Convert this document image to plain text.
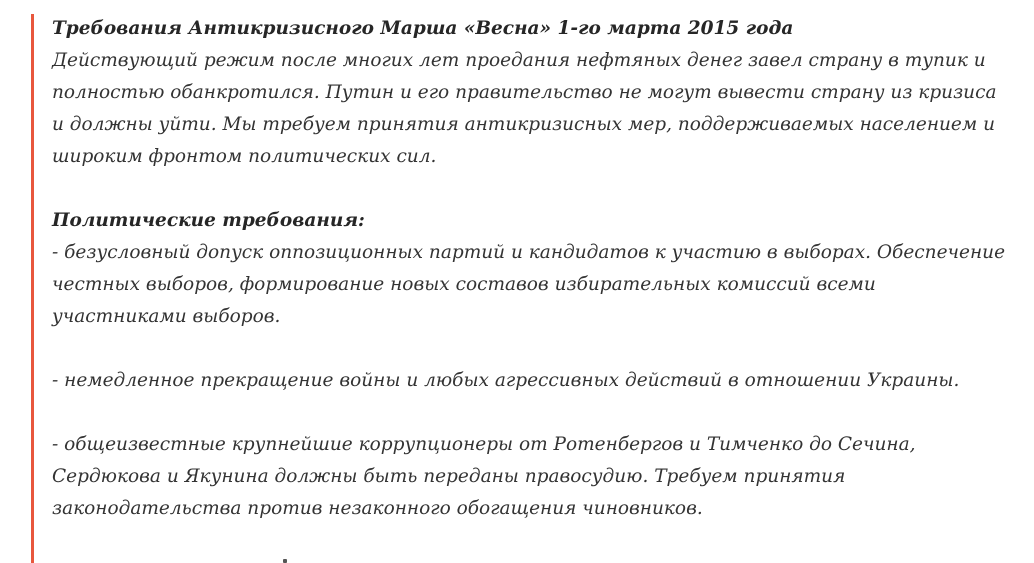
Требования Антикризисного Марша «Весна» 1-го марта 2015 года

Действующий режим после многих лет проедания нефтяных денег завел страну в тупик и полностью обанкротился. Путин и его правительство не могут вывести страну из кризиса и должны уйти. Мы требуем принятия антикризисных мер, поддерживаемых населением и широким фронтом политических сил.

Политические требования:

- безусловный допуск оппозиционных партий и кандидатов к участию в выборах. Обеспечение честных выборов, формирование новых составов избирательных комиссий всеми участниками выборов.

- немедленное прекращение войны и любых агрессивных действий в отношении Украины.

- общеизвестные крупнейшие коррупционеры от Ротенбергов и Тимченко до Сечина, Сердюкова и Якунина должны быть переданы правосудию. Требуем принятия законодательства против незаконного обогащения чиновников.
